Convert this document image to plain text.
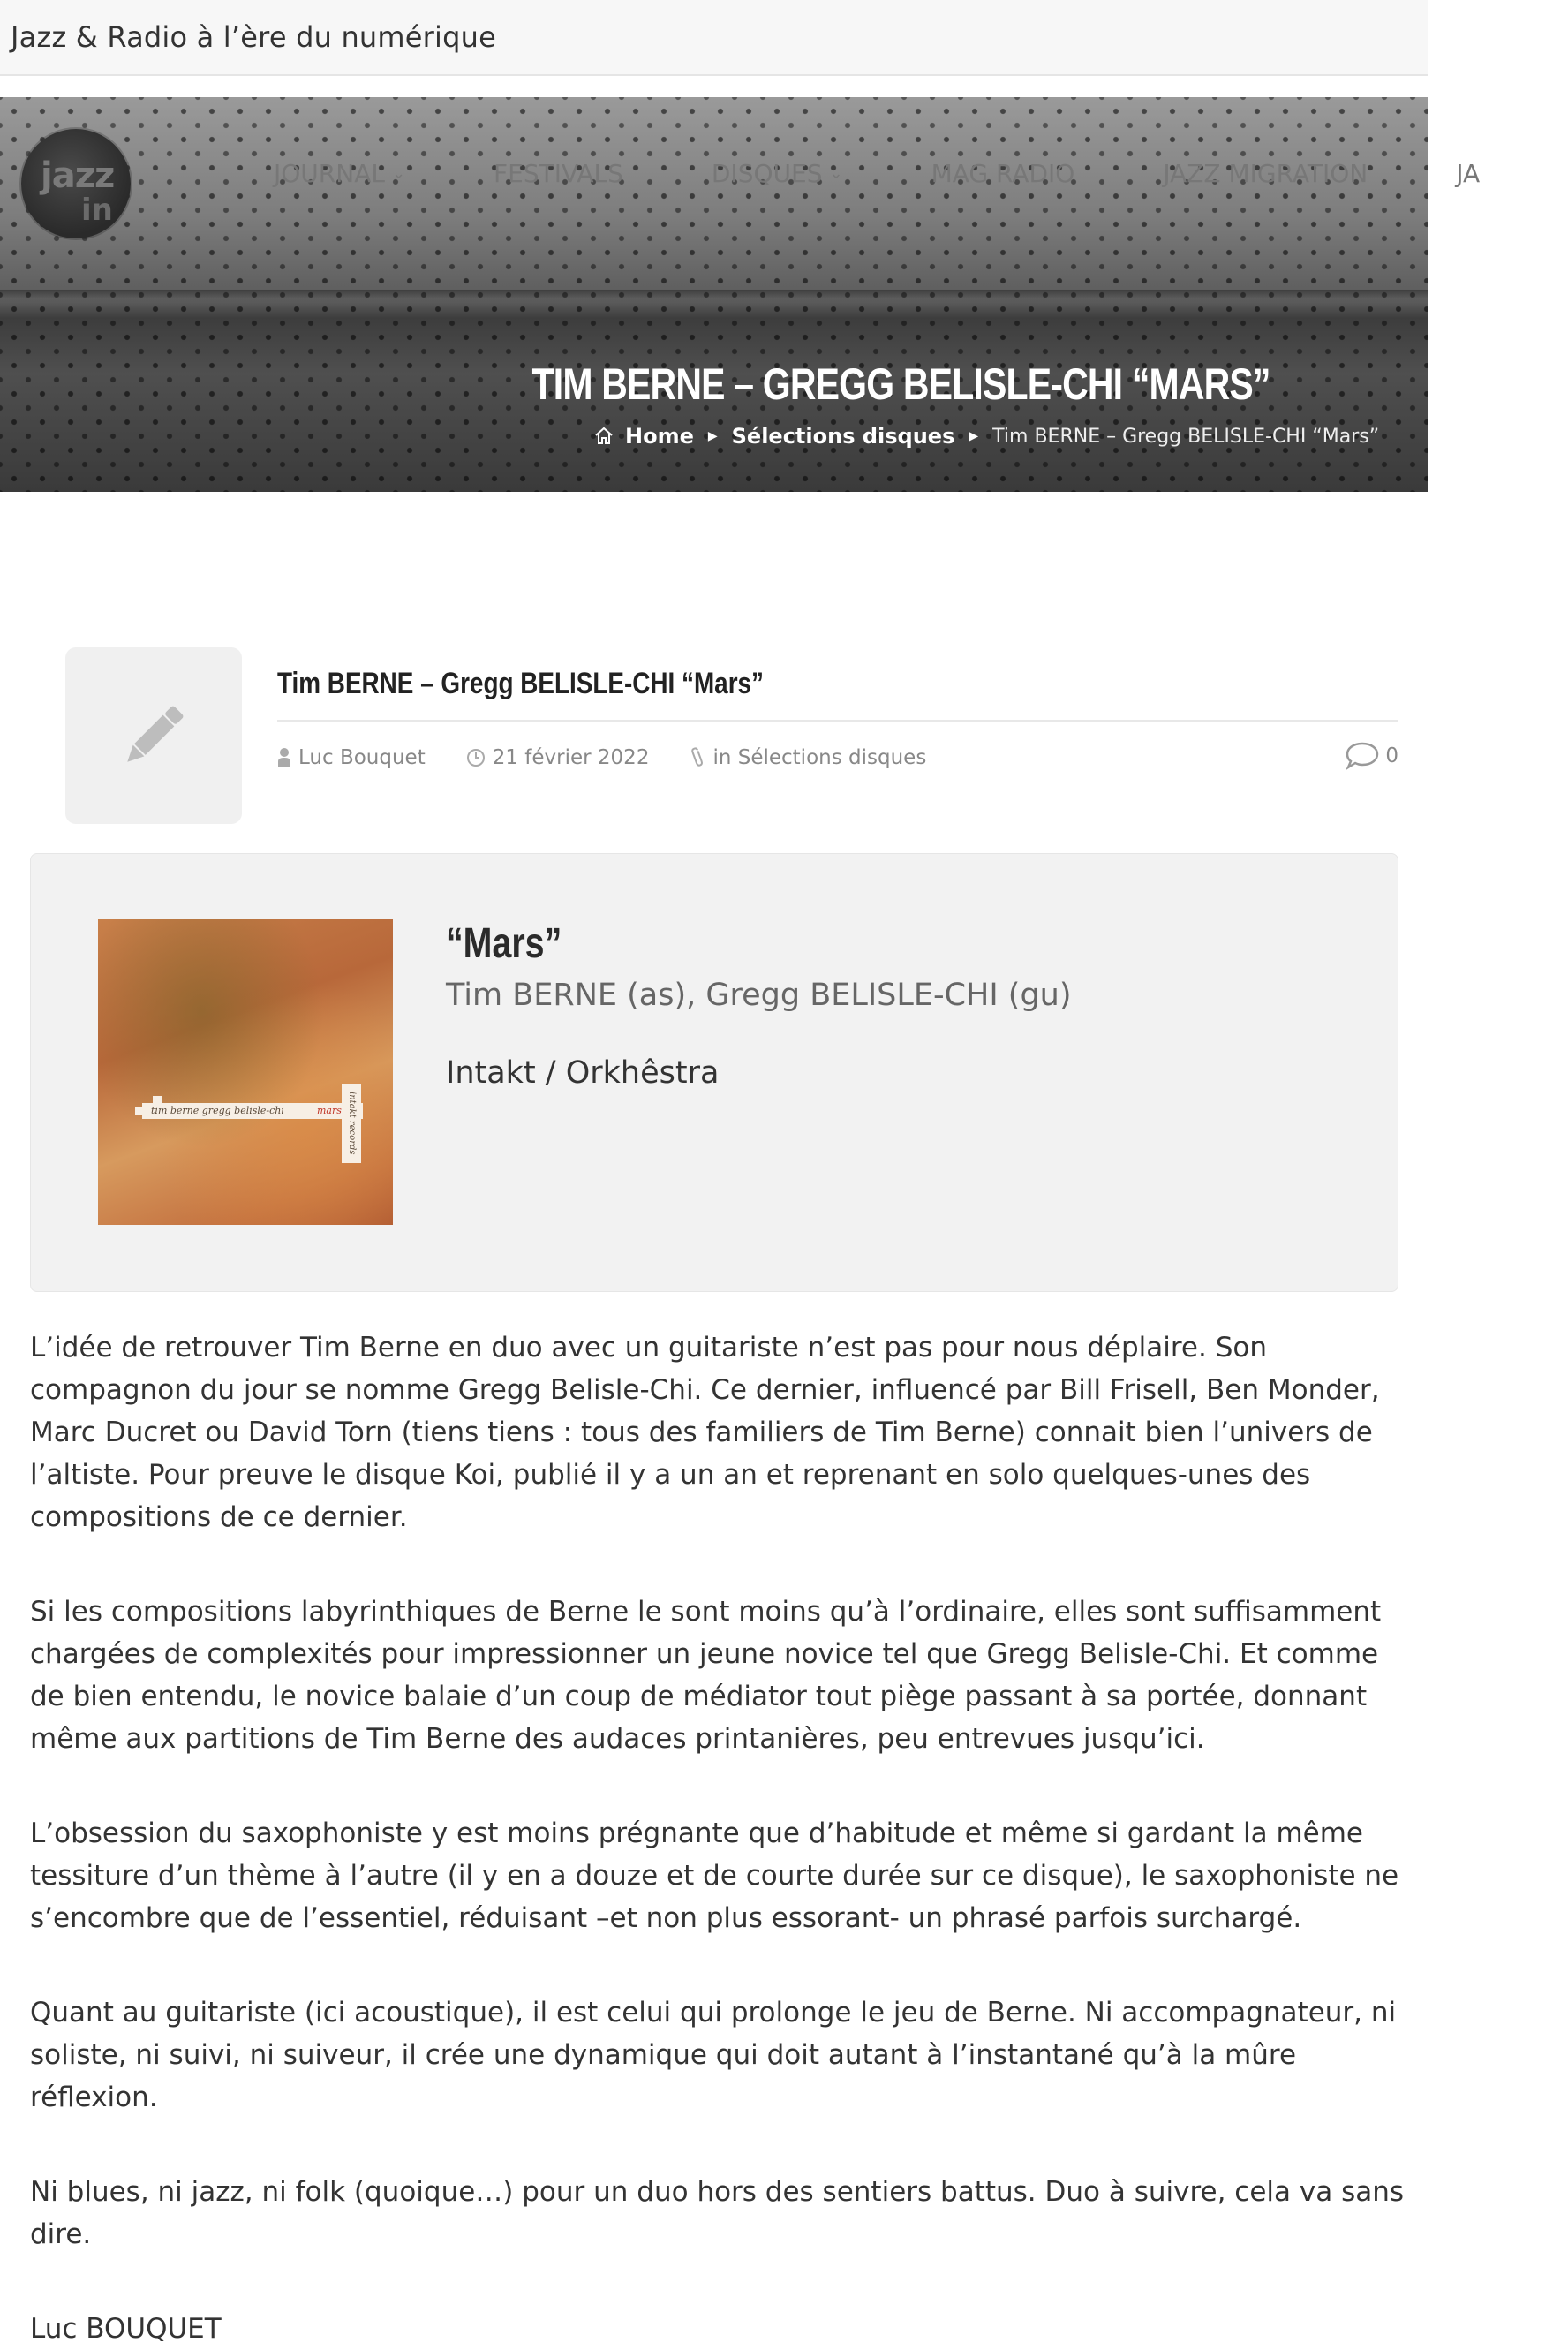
Jazz & Radio à l’ère du numérique
jazz
in
JOURNAL ⌄	FESTIVALS	DISQUES ⌄	MAG RADIO	JAZZ MIGRATION	JA
TIM BERNE – GREGG BELISLE-CHI “MARS”
Home ▶ Sélections disques ▶ Tim BERNE – Gregg BELISLE-CHI “Mars”
Tim BERNE – Gregg BELISLE-CHI “Mars”
Luc Bouquet	21 février 2022	in Sélections disques	0
tim berne gregg belisle-chi	mars intakt records
“Mars”
Tim BERNE (as), Gregg BELISLE-CHI (gu)
Intakt / Orkhêstra

L’idée de retrouver Tim Berne en duo avec un guitariste n’est pas pour nous déplaire. Son compagnon du jour se nomme Gregg Belisle-Chi. Ce dernier, influencé par Bill Frisell, Ben Monder, Marc Ducret ou David Torn (tiens tiens : tous des familiers de Tim Berne) connait bien l’univers de l’altiste. Pour preuve le disque Koi, publié il y a un an et reprenant en solo quelques-unes des compositions de ce dernier.

Si les compositions labyrinthiques de Berne le sont moins qu’à l’ordinaire, elles sont suffisamment chargées de complexités pour impressionner un jeune novice tel que Gregg Belisle-Chi. Et comme de bien entendu, le novice balaie d’un coup de médiator tout piège passant à sa portée, donnant même aux partitions de Tim Berne des audaces printanières, peu entrevues jusqu’ici.

L’obsession du saxophoniste y est moins prégnante que d’habitude et même si gardant la même tessiture d’un thème à l’autre (il y en a douze et de courte durée sur ce disque), le saxophoniste ne s’encombre que de l’essentiel, réduisant –et non plus essorant- un phrasé parfois surchargé.

Quant au guitariste (ici acoustique), il est celui qui prolonge le jeu de Berne. Ni accompagnateur, ni soliste, ni suivi, ni suiveur, il crée une dynamique qui doit autant à l’instantané qu’à la mûre réflexion.

Ni blues, ni jazz, ni folk (quoique…) pour un duo hors des sentiers battus. Duo à suivre, cela va sans dire.

Luc BOUQUET
